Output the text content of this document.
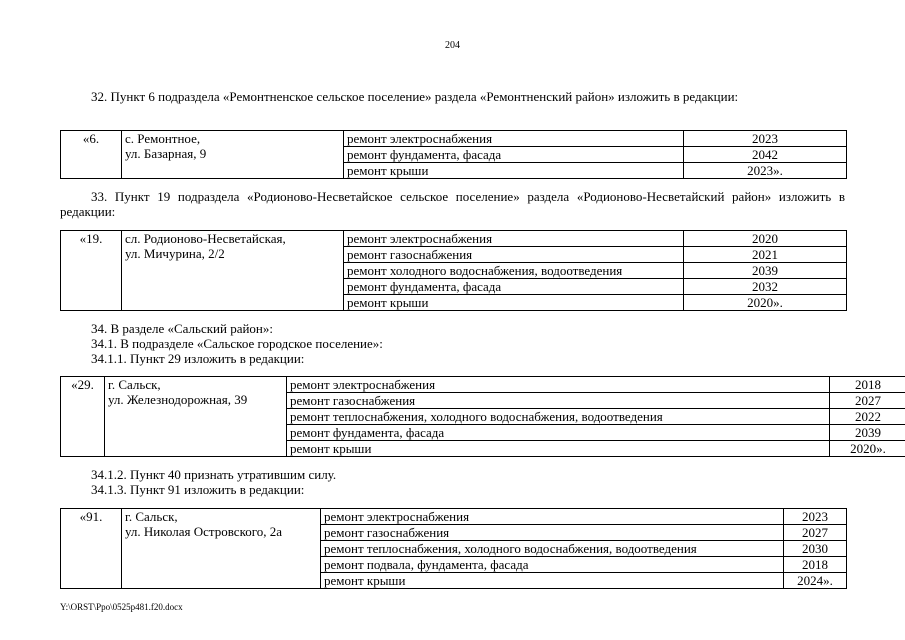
204
32. Пункт 6 подраздела «Ремонтненское сельское поселение» раздела «Ремонтненский район» изложить в редакции:
«6.	с. Ремонтное,
ул. Базарная, 9	ремонт электроснабжения	2023
		ремонт фундамента, фасада	2042
		ремонт крыши	2023».
33. Пункт 19 подраздела «Родионово-Несветайское сельское поселение» раздела «Родионово-Несветайский район» изложить в редакции:
«19.	сл. Родионово-Несветайская,
ул. Мичурина, 2/2	ремонт электроснабжения	2020
		ремонт газоснабжения	2021
		ремонт холодного водоснабжения, водоотведения	2039
		ремонт фундамента, фасада	2032
		ремонт крыши	2020».
34. В разделе «Сальский район»:
34.1. В подразделе «Сальское городское поселение»:
34.1.1. Пункт 29 изложить в редакции:
«29.	г. Сальск,
ул. Железнодорожная, 39	ремонт электроснабжения	2018
		ремонт газоснабжения	2027
		ремонт теплоснабжения, холодного водоснабжения, водоотведения	2022
		ремонт фундамента, фасада	2039
		ремонт крыши	2020».
34.1.2. Пункт 40 признать утратившим силу.
34.1.3. Пункт 91 изложить в редакции:
«91.	г. Сальск,
ул. Николая Островского, 2а	ремонт электроснабжения	2023
		ремонт газоснабжения	2027
		ремонт теплоснабжения, холодного водоснабжения, водоотведения	2030
		ремонт подвала, фундамента, фасада	2018
		ремонт крыши	2024».
Y:\ORST\Ppo\0525p481.f20.docx
